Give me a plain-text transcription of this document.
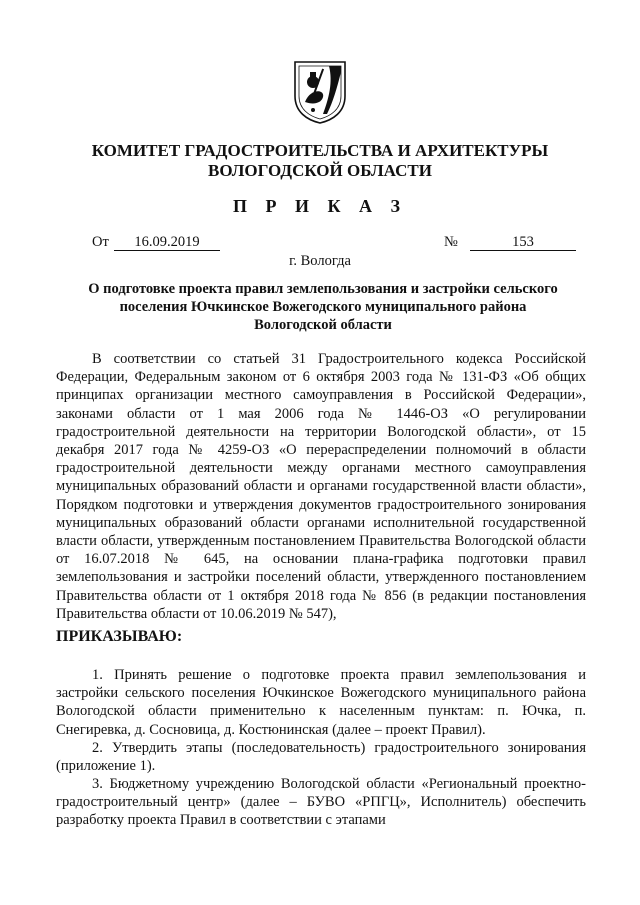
КОМИТЕТ ГРАДОСТРОИТЕЛЬСТВА И АРХИТЕКТУРЫ
ВОЛОГОДСКОЙ ОБЛАСТИ
П Р И К А З
От	16.09.2019	№	153
г. Вологда
О подготовке проекта правил землепользования и застройки сельского поселения Ючкинское Вожегодского муниципального района Вологодской области
В соответствии со статьей 31 Градостроительного кодекса Российской Федерации, Федеральным законом от 6 октября 2003 года № 131-ФЗ «Об общих принципах организации местного самоуправления в Российской Федерации», законами области от 1 мая 2006 года № 1446-ОЗ «О регулировании градостроительной деятельности на территории Вологодской области», от 15 декабря 2017 года № 4259-ОЗ «О перераспределении полномочий в области градостроительной деятельности между органами местного самоуправления муниципальных образований области и органами государственной власти области», Порядком подготовки и утверждения документов градостроительного зонирования муниципальных образований области органами исполнительной государственной власти области, утвержденным постановлением Правительства Вологодской области от 16.07.2018 № 645, на основании плана-графика подготовки правил землепользования и застройки поселений области, утвержденного постановлением Правительства области от 1 октября 2018 года № 856 (в редакции постановления Правительства области от 10.06.2019 № 547),
ПРИКАЗЫВАЮ:
1. Принять решение о подготовке проекта правил землепользования и застройки сельского поселения Ючкинское Вожегодского муниципального района Вологодской области применительно к населенным пунктам: п. Ючка, п. Снегиревка, д. Сосновица, д. Костюнинская (далее – проект Правил).
2. Утвердить этапы (последовательность) градостроительного зонирования (приложение 1).
3. Бюджетному учреждению Вологодской области «Региональный проектно-градостроительный центр» (далее – БУВО «РПГЦ», Исполнитель) обеспечить разработку проекта Правил в соответствии с этапами
